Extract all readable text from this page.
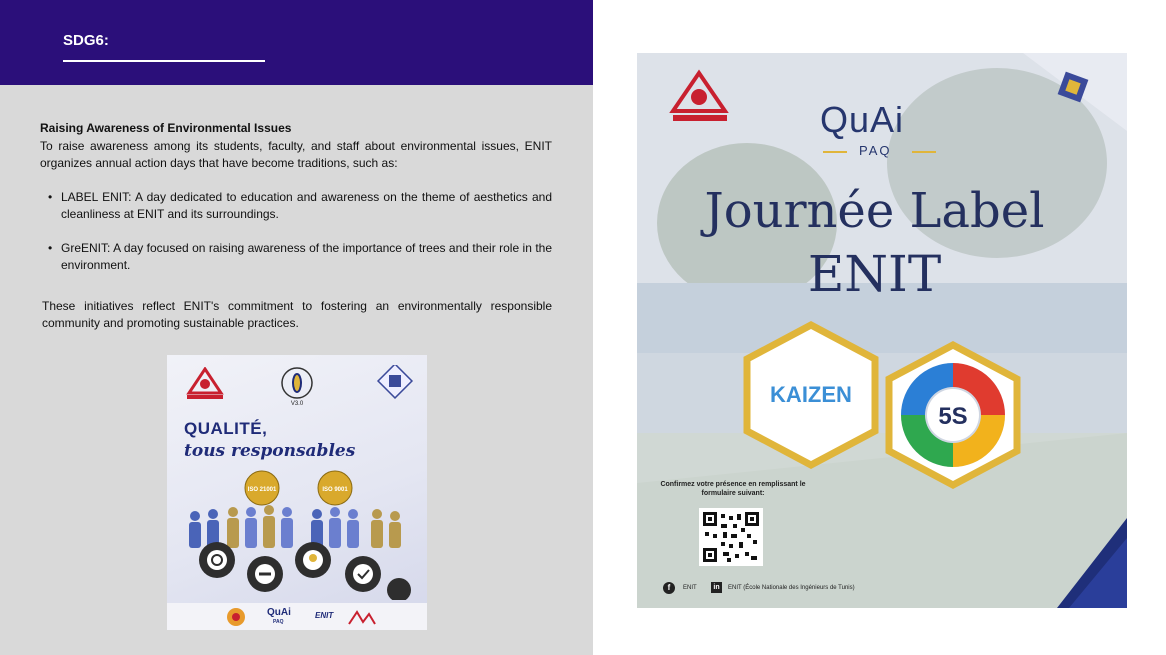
SDG6:
Raising Awareness of Environmental Issues
To raise awareness among its students, faculty, and staff about environmental issues, ENIT organizes annual action days that have become traditions, such as:
• LABEL ENIT: A day dedicated to education and awareness on the theme of aesthetics and cleanliness at ENIT and its surroundings.
• GreENIT: A day focused on raising awareness of the importance of trees and their role in the environment.
These initiatives reflect ENIT's commitment to fostering an environmentally responsible community and promoting sustainable practices.
V3.0
QUALITÉ,
tous responsables
ISO 21001	ISO 9001
QuAi
PAQ
ENIT
QuAi
PAQ
Journée Label
ENIT
KAIZEN
5S
Confirmez votre présence en remplissant le formulaire suivant:
f	ENIT	in	ENIT (École Nationale des Ingénieurs de Tunis)
